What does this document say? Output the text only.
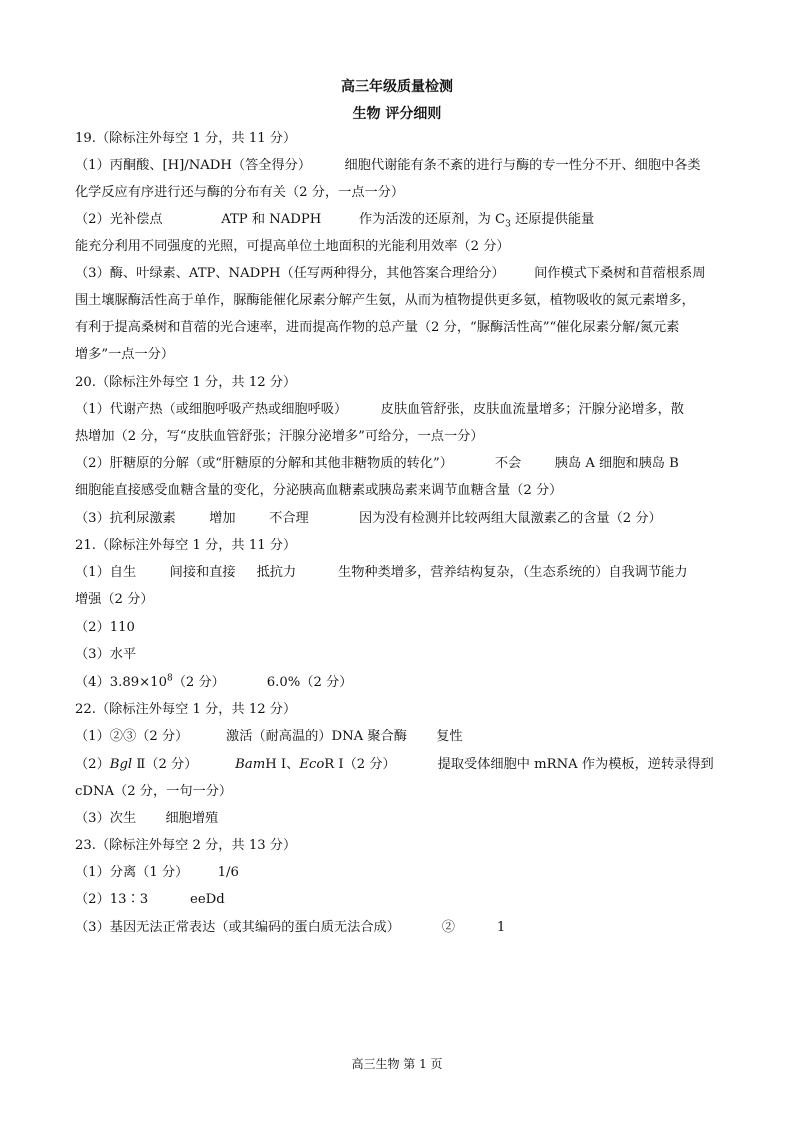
高三年级质量检测
生物 评分细则
19.（除标注外每空 1 分，共 11 分）
（1）丙酮酸、[H]/NADH（答全得分）        细胞代谢能有条不紊的进行与酶的专一性分不开、细胞中各类
化学反应有序进行还与酶的分布有关（2 分，一点一分）
（2）光补偿点              ATP 和 NADPH         作为活泼的还原剂，为 $C_3$ 还原提供能量
能充分利用不同强度的光照，可提高单位土地面积的光能利用效率（2 分）
（3）酶、叶绿素、ATP、NADPH（任写两种得分，其他答案合理给分）       间作模式下桑树和苜蓿根系周
围土壤脲酶活性高于单作，脲酶能催化尿素分解产生氨，从而为植物提供更多氨，植物吸收的氮元素增多，
有利于提高桑树和苜蓿的光合速率，进而提高作物的总产量（2 分，“脲酶活性高”“催化尿素分解/氮元素
增多”一点一分）
20.（除标注外每空 1 分，共 12 分）
（1）代谢产热（或细胞呼吸产热或细胞呼吸）        皮肤血管舒张，皮肤血流量增多；汗腺分泌增多，散
热增加（2 分，写“皮肤血管舒张；汗腺分泌增多”可给分，一点一分）
（2）肝糖原的分解（或“肝糖原的分解和其他非糖物质的转化”）          不会        胰岛 A 细胞和胰岛 B
细胞能直接感受血糖含量的变化，分泌胰高血糖素或胰岛素来调节血糖含量（2 分）
（3）抗利尿激素        增加        不合理            因为没有检测并比较两组大鼠激素乙的含量（2 分）
21.（除标注外每空 1 分，共 11 分）
（1）自生        间接和直接     抵抗力          生物种类增多，营养结构复杂，（生态系统的）自我调节能力
增强（2 分）
（2）110
（3）水平
$(4)3.89\times 10^8(2$ 分）          6.0%（2 分）
22.（除标注外每空 1 分，共 12 分）
（1）②③（2 分）         激活（耐高温的）DNA 聚合酶       复性
（2）Bgl Ⅱ（2 分）         BamH Ⅰ、EcoR Ⅰ（2 分）          提取受体细胞中 mRNA 作为模板，逆转录得到
cDNA（2 分，一句一分）
（3）次生       细胞增殖
23.（除标注外每空 2 分，共 13 分）
（1）分离（1 分）       1/6
（2）13∶3          eeDd
（3）基因无法正常表达（或其编码的蛋白质无法合成）          ②          1
高三生物 第 1 页
